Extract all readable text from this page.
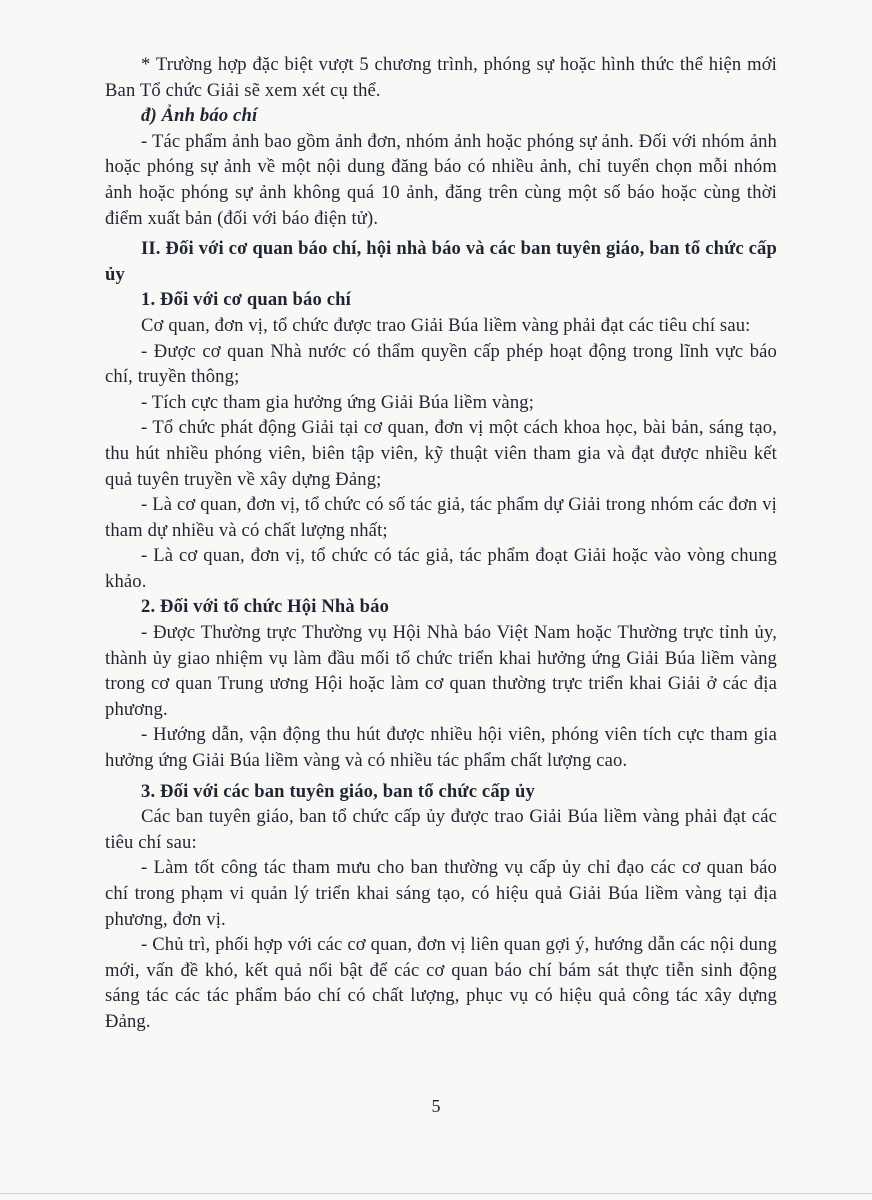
* Trường hợp đặc biệt vượt 5 chương trình, phóng sự hoặc hình thức thể hiện mới Ban Tổ chức Giải sẽ xem xét cụ thể.
đ) Ảnh báo chí
- Tác phẩm ảnh bao gồm ảnh đơn, nhóm ảnh hoặc phóng sự ảnh. Đối với nhóm ảnh hoặc phóng sự ảnh về một nội dung đăng báo có nhiều ảnh, chỉ tuyển chọn mỗi nhóm ảnh hoặc phóng sự ảnh không quá 10 ảnh, đăng trên cùng một số báo hoặc cùng thời điểm xuất bản (đối với báo điện tử).
II. Đối với cơ quan báo chí, hội nhà báo và các ban tuyên giáo, ban tổ chức cấp ủy
1. Đối với cơ quan báo chí
Cơ quan, đơn vị, tổ chức được trao Giải Búa liềm vàng phải đạt các tiêu chí sau:
- Được cơ quan Nhà nước có thẩm quyền cấp phép hoạt động trong lĩnh vực báo chí, truyền thông;
- Tích cực tham gia hưởng ứng Giải Búa liềm vàng;
- Tổ chức phát động Giải tại cơ quan, đơn vị một cách khoa học, bài bản, sáng tạo, thu hút nhiều phóng viên, biên tập viên, kỹ thuật viên tham gia và đạt được nhiều kết quả tuyên truyền về xây dựng Đảng;
- Là cơ quan, đơn vị, tổ chức có số tác giả, tác phẩm dự Giải trong nhóm các đơn vị tham dự nhiều và có chất lượng nhất;
- Là cơ quan, đơn vị, tổ chức có tác giả, tác phẩm đoạt Giải hoặc vào vòng chung khảo.
2. Đối với tổ chức Hội Nhà báo
- Được Thường trực Thường vụ Hội Nhà báo Việt Nam hoặc Thường trực tỉnh ủy, thành ủy giao nhiệm vụ làm đầu mối tổ chức triển khai hưởng ứng Giải Búa liềm vàng trong cơ quan Trung ương Hội hoặc làm cơ quan thường trực triển khai Giải ở các địa phương.
- Hướng dẫn, vận động thu hút được nhiều hội viên, phóng viên tích cực tham gia hưởng ứng Giải Búa liềm vàng và có nhiều tác phẩm chất lượng cao.
3. Đối với các ban tuyên giáo, ban tổ chức cấp ủy
Các ban tuyên giáo, ban tổ chức cấp ủy được trao Giải Búa liềm vàng phải đạt các tiêu chí sau:
- Làm tốt công tác tham mưu cho ban thường vụ cấp ủy chỉ đạo các cơ quan báo chí trong phạm vi quản lý triển khai sáng tạo, có hiệu quả Giải Búa liềm vàng tại địa phương, đơn vị.
- Chủ trì, phối hợp với các cơ quan, đơn vị liên quan gợi ý, hướng dẫn các nội dung mới, vấn đề khó, kết quả nổi bật để các cơ quan báo chí bám sát thực tiễn sinh động sáng tác các tác phẩm báo chí có chất lượng, phục vụ có hiệu quả công tác xây dựng Đảng.
5
